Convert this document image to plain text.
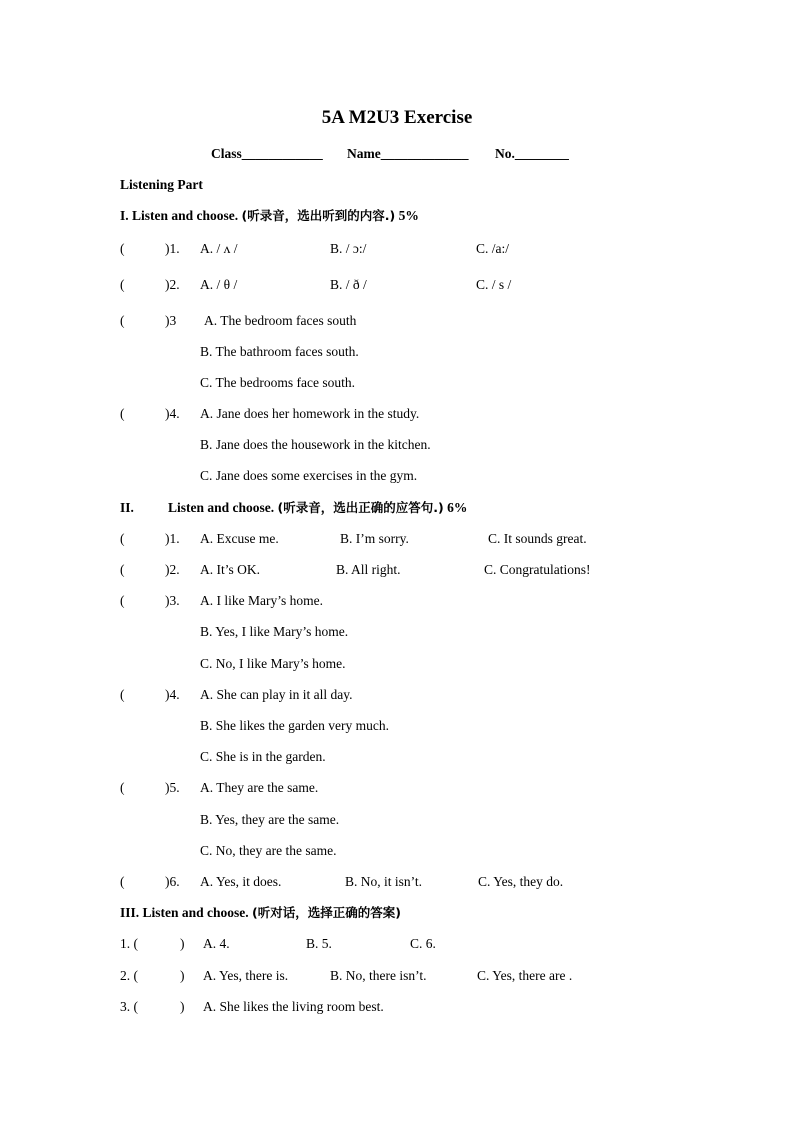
5A M2U3 Exercise
Class____________ Name_____________ No.________
Listening Part
I. Listen and choose. (听录音，选出听到的内容.) 5%
(	)1. A. / ʌ /	B. / ɔ:/	C. /a:/
(	)2. A. / θ /	B. / ð /	C. / s /
(	)3 A. The bedroom faces south
B. The bathroom faces south.
C. The bedrooms face south.
(	)4. A. Jane does her homework in the study.
B. Jane does the housework in the kitchen.
C. Jane does some exercises in the gym.
II.	Listen and choose. (听录音，选出正确的应答句.) 6%
(	)1. A. Excuse me.	B. I’m sorry.	C. It sounds great.
(	)2. A. It’s OK.	B. All right.	C. Congratulations!
(	)3. A. I like Mary’s home.
B. Yes, I like Mary’s home.
C. No, I like Mary’s home.
(	)4. A. She can play in it all day.
B. She likes the garden very much.
C. She is in the garden.
(	)5. A. They are the same.
B. Yes, they are the same.
C. No, they are the same.
(	)6. A. Yes, it does.	B. No, it isn’t.	C. Yes, they do.
III. Listen and choose. (听对话，选择正确的答案)
1. (	) A. 4.	B. 5.	C. 6.
2. (	) A. Yes, there is.	B. No, there isn’t.	C. Yes, there are .
3. (	) A. She likes the living room best.
